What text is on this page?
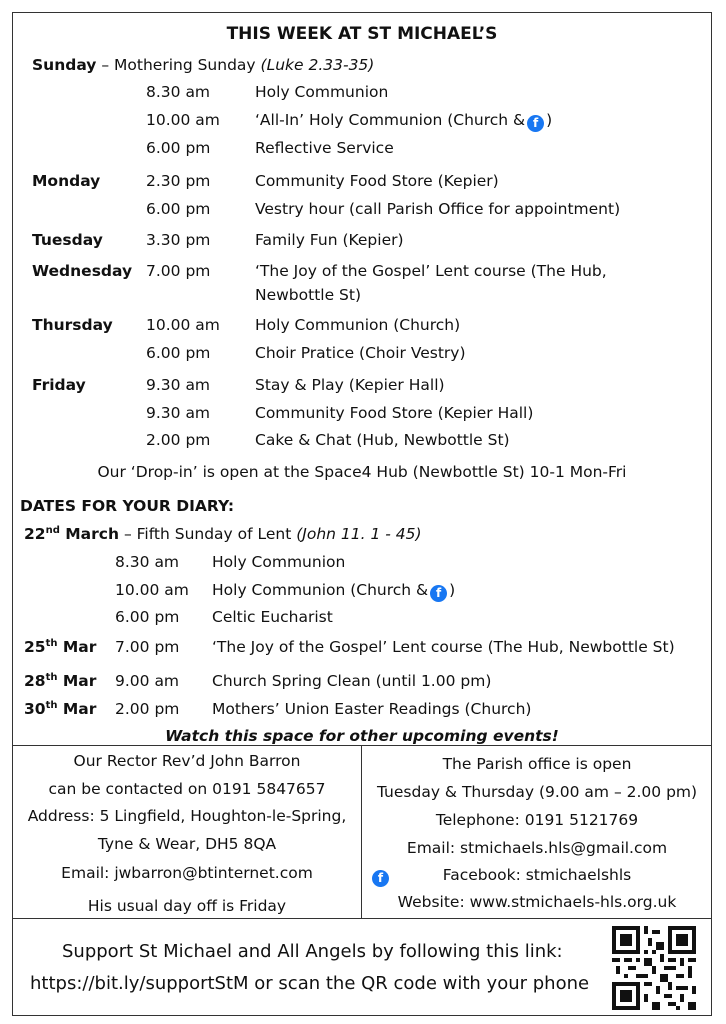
THIS WEEK AT ST MICHAEL’S
Sunday – Mothering Sunday (Luke 2.33-35)
8.30 am	Holy Communion
10.00 am ‘All-In’ Holy Communion (Church & f )
6.00 pm	Reflective Service
Monday	2.30 pm	Community Food Store (Kepier)
6.00 pm	Vestry hour (call Parish Office for appointment)
Tuesday	3.30 pm	Family Fun (Kepier)
Wednesday 7.00 pm	‘The Joy of the Gospel’ Lent course (The Hub,
Newbottle St)
Thursday 10.00 am Holy Communion (Church)
6.00 pm	Choir Pratice (Choir Vestry)
Friday	9.30 am	Stay & Play (Kepier Hall)
9.30 am	Community Food Store (Kepier Hall)
2.00 pm	Cake & Chat (Hub, Newbottle St)
Our ‘Drop-in’ is open at the Space4 Hub (Newbottle St) 10-1 Mon-Fri
DATES FOR YOUR DIARY:
22nd March – Fifth Sunday of Lent (John 11. 1 - 45)
8.30 am Holy Communion
10.00 am Holy Communion (Church & f )
6.00 pm Celtic Eucharist
25th Mar 7.00 pm ‘The Joy of the Gospel’ Lent course (The Hub, Newbottle St)
28th Mar 9.00 am Church Spring Clean (until 1.00 pm)
30th Mar 2.00 pm Mothers’ Union Easter Readings (Church)
Watch this space for other upcoming events!
Our Rector Rev’d John Barron
can be contacted on 0191 5847657
Address: 5 Lingfield, Houghton-le-Spring,
Tyne & Wear, DH5 8QA
Email: jwbarron@btinternet.com
His usual day off is Friday
The Parish office is open
Tuesday & Thursday (9.00 am – 2.00 pm)
Telephone: 0191 5121769
Email: stmichaels.hls@gmail.com
f	Facebook: stmichaelshls
Website: www.stmichaels-hls.org.uk
Support St Michael and All Angels by following this link:
https://bit.ly/supportStM or scan the QR code with your phone
